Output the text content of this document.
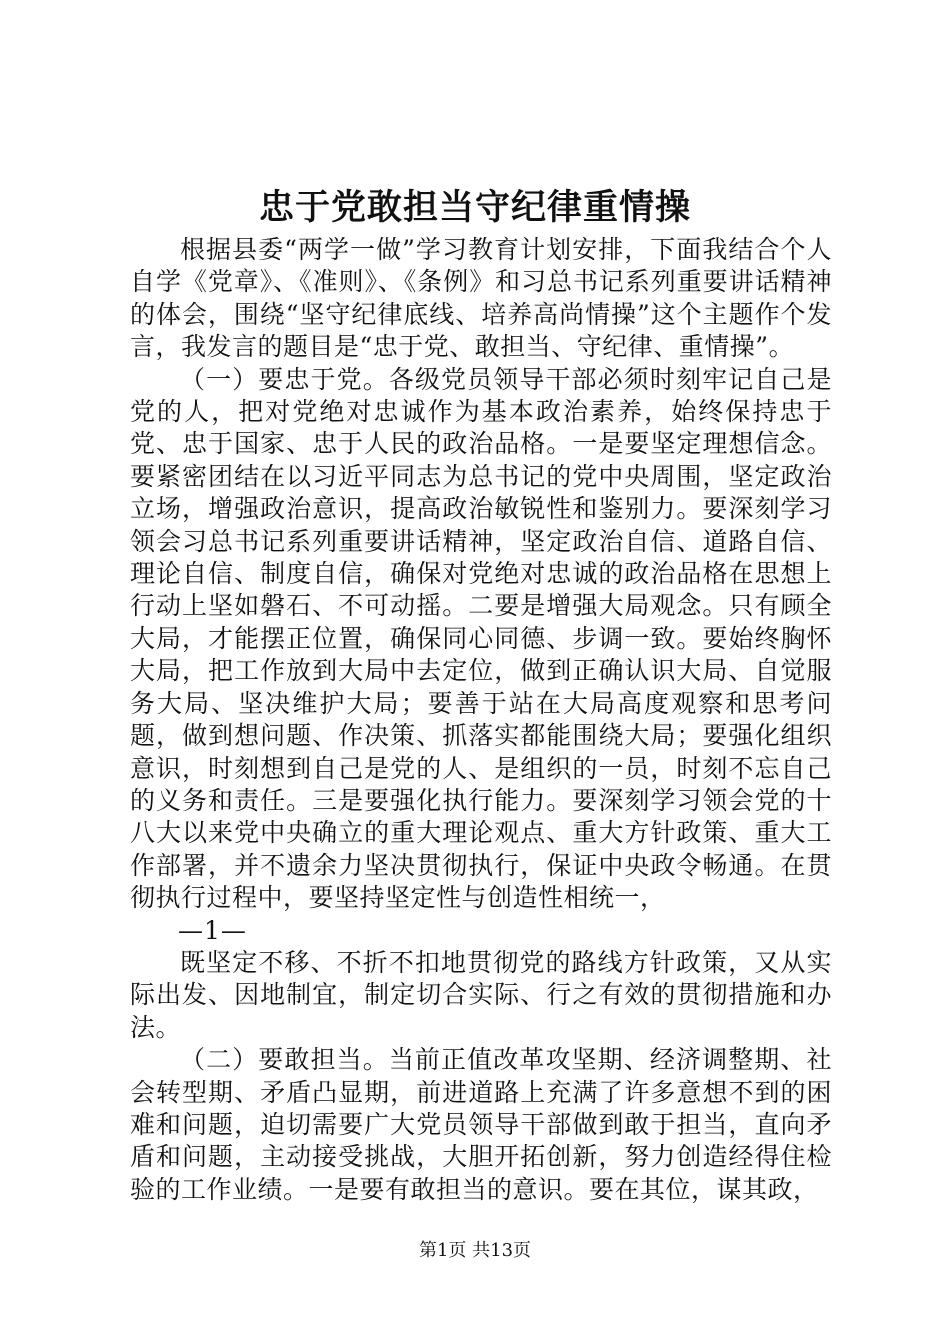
忠于党敢担当守纪律重情操

根据县委“两学一做”学习教育计划安排，下面我结合个人自学《党章》、《准则》、《条例》和习总书记系列重要讲话精神的体会，围绕“坚守纪律底线、培养高尚情操”这个主题作个发言，我发言的题目是“忠于党、敢担当、守纪律、重情操”。

（一）要忠于党。各级党员领导干部必须时刻牢记自己是党的人，把对党绝对忠诚作为基本政治素养，始终保持忠于党、忠于国家、忠于人民的政治品格。一是要坚定理想信念。要紧密团结在以习近平同志为总书记的党中央周围，坚定政治立场，增强政治意识，提高政治敏锐性和鉴别力。要深刻学习领会习总书记系列重要讲话精神，坚定政治自信、道路自信、理论自信、制度自信，确保对党绝对忠诚的政治品格在思想上行动上坚如磐石、不可动摇。二要是增强大局观念。只有顾全大局，才能摆正位置，确保同心同德、步调一致。要始终胸怀大局，把工作放到大局中去定位，做到正确认识大局、自觉服务大局、坚决维护大局；要善于站在大局高度观察和思考问题，做到想问题、作决策、抓落实都能围绕大局；要强化组织意识，时刻想到自己是党的人、是组织的一员，时刻不忘自己的义务和责任。三是要强化执行能力。要深刻学习领会党的十八大以来党中央确立的重大理论观点、重大方针政策、重大工作部署，并不遗余力坚决贯彻执行，保证中央政令畅通。在贯彻执行过程中，要坚持坚定性与创造性相统一，

—1—

既坚定不移、不折不扣地贯彻党的路线方针政策，又从实际出发、因地制宜，制定切合实际、行之有效的贯彻措施和办法。

（二）要敢担当。当前正值改革攻坚期、经济调整期、社会转型期、矛盾凸显期，前进道路上充满了许多意想不到的困难和问题，迫切需要广大党员领导干部做到敢于担当，直向矛盾和问题，主动接受挑战，大胆开拓创新，努力创造经得住检验的工作业绩。一是要有敢担当的意识。要在其位，谋其政，

第1页 共13页
